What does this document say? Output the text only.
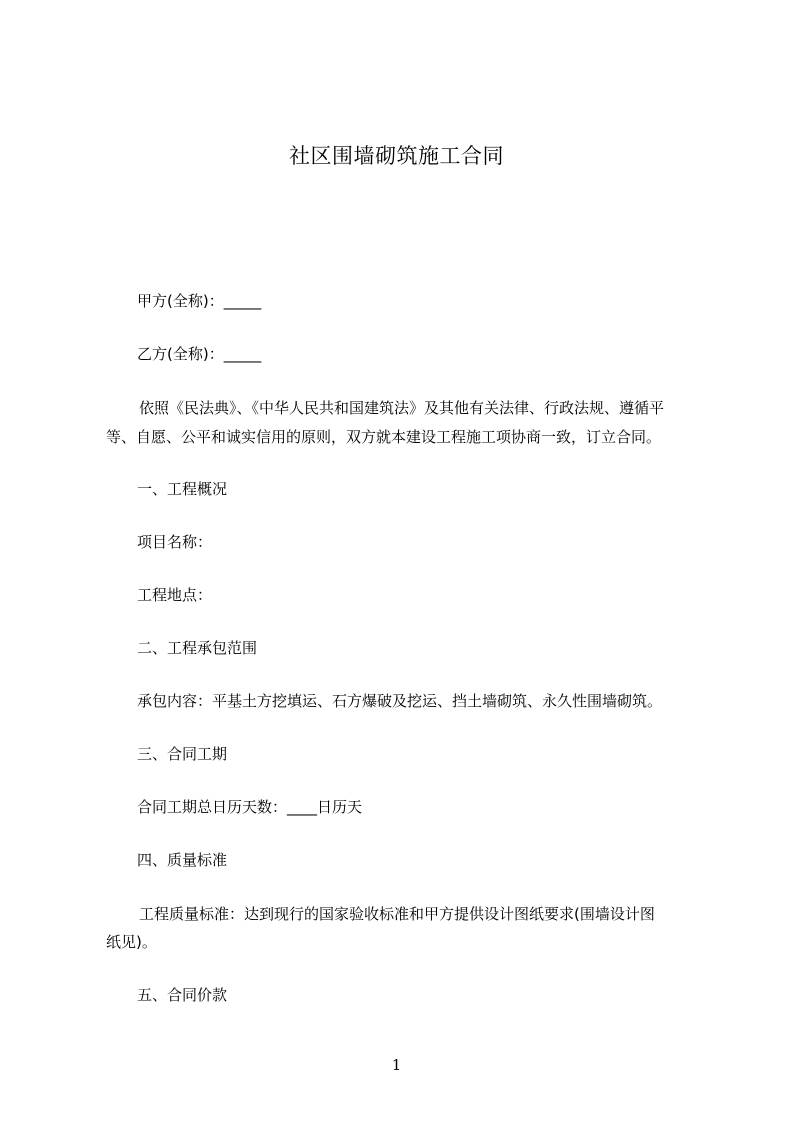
社区围墙砌筑施工合同
甲方(全称)：_____
乙方(全称)：_____
依照《民法典》、《中华人民共和国建筑法》及其他有关法律、行政法规、遵循平
等、自愿、公平和诚实信用的原则，双方就本建设工程施工项协商一致，订立合同。
一、工程概况
项目名称：
工程地点：
二、工程承包范围
承包内容：平基土方挖填运、石方爆破及挖运、挡土墙砌筑、永久性围墙砌筑。
三、合同工期
合同工期总日历天数：____日历天
四、质量标准
工程质量标准：达到现行的国家验收标准和甲方提供设计图纸要求(围墙设计图
纸见)。
五、合同价款
1
